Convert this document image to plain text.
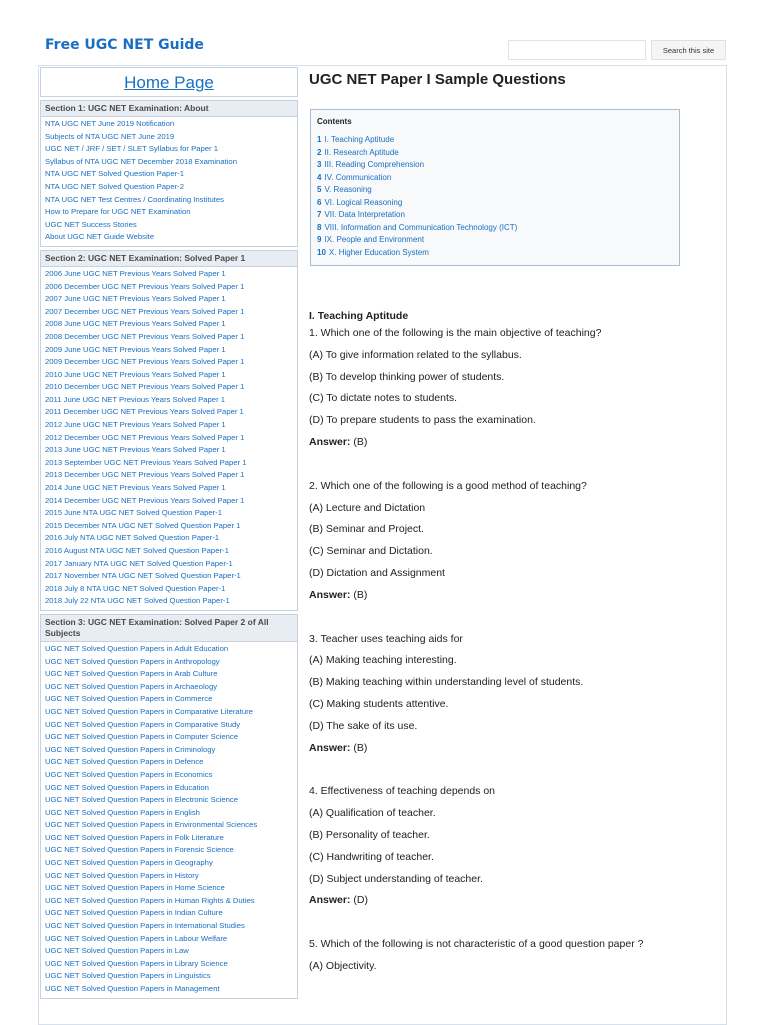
Free UGC NET Guide	Search this site
Home Page
Section 1: UGC NET Examination: About
NTA UGC NET June 2019 Notification
Subjects of NTA UGC NET June 2019
UGC NET / JRF / SET / SLET Syllabus for Paper 1
Syllabus of NTA UGC NET December 2018 Examination
NTA UGC NET Solved Question Paper-1
NTA UGC NET Solved Question Paper-2
NTA UGC NET Test Centres / Coordinating Institutes
How to Prepare for UGC NET Examination
UGC NET Success Stories
About UGC NET Guide Website
Section 2: UGC NET Examination: Solved Paper 1
2006 June UGC NET Previous Years Solved Paper 1
2006 December UGC NET Previous Years Solved Paper 1
2007 June UGC NET Previous Years Solved Paper 1
2007 December UGC NET Previous Years Solved Paper 1
2008 June UGC NET Previous Years Solved Paper 1
2008 December UGC NET Previous Years Solved Paper 1
2009 June UGC NET Previous Years Solved Paper 1
2009 December UGC NET Previous Years Solved Paper 1
2010 June UGC NET Previous Years Solved Paper 1
2010 December UGC NET Previous Years Solved Paper 1
2011 June UGC NET Previous Years Solved Paper 1
2011 December UGC NET Previous Years Solved Paper 1
2012 June UGC NET Previous Years Solved Paper 1
2012 December UGC NET Previous Years Solved Paper 1
2013 June UGC NET Previous Years Solved Paper 1
2013 September UGC NET Previous Years Solved Paper 1
2013 December UGC NET Previous Years Solved Paper 1
2014 June UGC NET Previous Years Solved Paper 1
2014 December UGC NET Previous Years Solved Paper 1
2015 June NTA UGC NET Solved Question Paper-1
2015 December NTA UGC NET Solved Question Paper 1
2016 July NTA UGC NET Solved Question Paper-1
2016 August NTA UGC NET Solved Question Paper-1
2017 January NTA UGC NET Solved Question Paper-1
2017 November NTA UGC NET Solved Question Paper-1
2018 July 8 NTA UGC NET Solved Question Paper-1
2018 July 22 NTA UGC NET Solved Question Paper-1
Section 3: UGC NET Examination: Solved Paper 2 of All Subjects
UGC NET Solved Question Papers in Adult Education
UGC NET Solved Question Papers in Anthropology
UGC NET Solved Question Papers in Arab Culture
UGC NET Solved Question Papers in Archaeology
UGC NET Solved Question Papers in Commerce
UGC NET Solved Question Papers in Comparative Literature
UGC NET Solved Question Papers in Comparative Study
UGC NET Solved Question Papers in Computer Science
UGC NET Solved Question Papers in Criminology
UGC NET Solved Question Papers in Defence
UGC NET Solved Question Papers in Economics
UGC NET Solved Question Papers in Education
UGC NET Solved Question Papers in Electronic Science
UGC NET Solved Question Papers in English
UGC NET Solved Question Papers in Environmental Sciences
UGC NET Solved Question Papers in Folk Literature
UGC NET Solved Question Papers in Forensic Science
UGC NET Solved Question Papers in Geography
UGC NET Solved Question Papers in History
UGC NET Solved Question Papers in Home Science
UGC NET Solved Question Papers in Human Rights & Duties
UGC NET Solved Question Papers in Indian Culture
UGC NET Solved Question Papers in International Studies
UGC NET Solved Question Papers in Labour Welfare
UGC NET Solved Question Papers in Law
UGC NET Solved Question Papers in Library Science
UGC NET Solved Question Papers in Linguistics
UGC NET Solved Question Papers in Management
UGC NET Paper I Sample Questions
Contents
1 I. Teaching Aptitude
2 II. Research Aptitude
3 III. Reading Comprehension
4 IV. Communication
5 V. Reasoning
6 VI. Logical Reasoning
7 VII. Data Interpretation
8 VIII. Information and Communication Technology (ICT)
9 IX. People and Environment
10 X. Higher Education System
I. Teaching Aptitude

1. Which one of the following is the main objective of teaching?

(A) To give information related to the syllabus.

(B) To develop thinking power of students.

(C) To dictate notes to students.

(D) To prepare students to pass the examination.

Answer: (B)

2. Which one of the following is a good method of teaching?

(A) Lecture and Dictation

(B) Seminar and Project.

(C) Seminar and Dictation.

(D) Dictation and Assignment

Answer: (B)

3. Teacher uses teaching aids for

(A) Making teaching interesting.

(B) Making teaching within understanding level of students.

(C) Making students attentive.

(D) The sake of its use.

Answer: (B)

4. Effectiveness of teaching depends on

(A) Qualification of teacher.

(B) Personality of teacher.

(C) Handwriting of teacher.

(D) Subject understanding of teacher.

Answer: (D)

5. Which of the following is not characteristic of a good question paper ?

(A) Objectivity.
